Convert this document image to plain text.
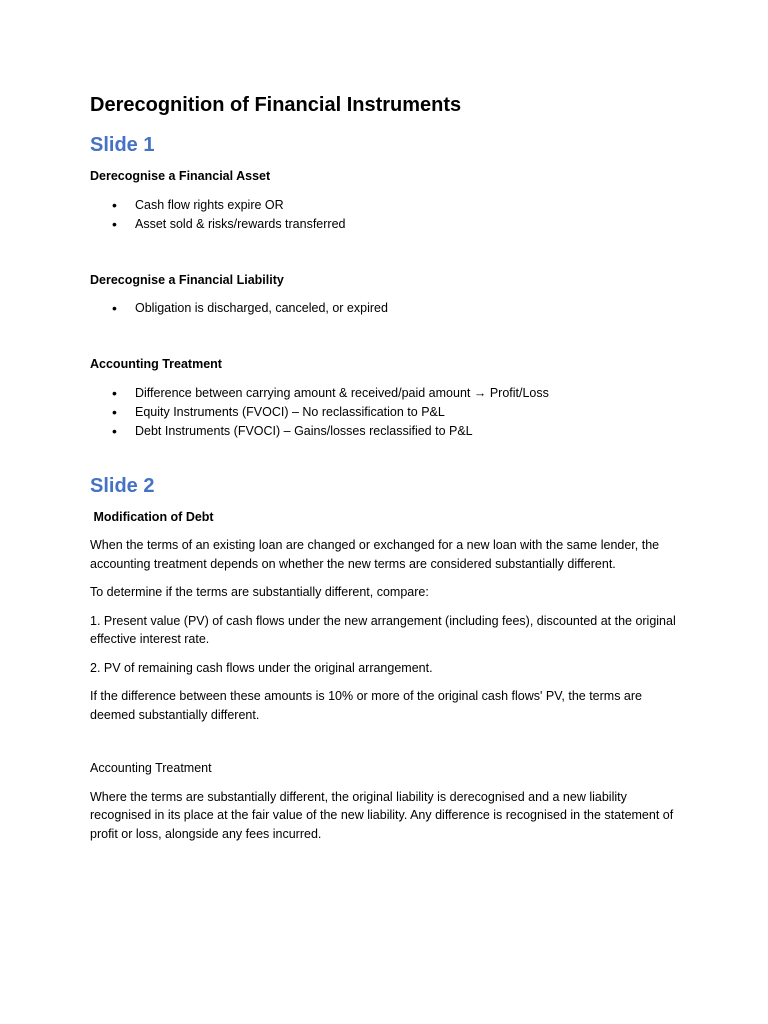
Derecognition of Financial Instruments
Slide 1
Derecognise a Financial Asset
• Cash flow rights expire OR
• Asset sold & risks/rewards transferred
Derecognise a Financial Liability
• Obligation is discharged, canceled, or expired
Accounting Treatment
• Difference between carrying amount & received/paid amount → Profit/Loss
• Equity Instruments (FVOCI) – No reclassification to P&L
• Debt Instruments (FVOCI) – Gains/losses reclassified to P&L
Slide 2
Modification of Debt

When the terms of an existing loan are changed or exchanged for a new loan with the same lender, the accounting treatment depends on whether the new terms are considered substantially different.

To determine if the terms are substantially different, compare:

1. Present value (PV) of cash flows under the new arrangement (including fees), discounted at the original effective interest rate.

2. PV of remaining cash flows under the original arrangement.

If the difference between these amounts is 10% or more of the original cash flows' PV, the terms are deemed substantially different.

Accounting Treatment

Where the terms are substantially different, the original liability is derecognised and a new liability recognised in its place at the fair value of the new liability. Any difference is recognised in the statement of profit or loss, alongside any fees incurred.
